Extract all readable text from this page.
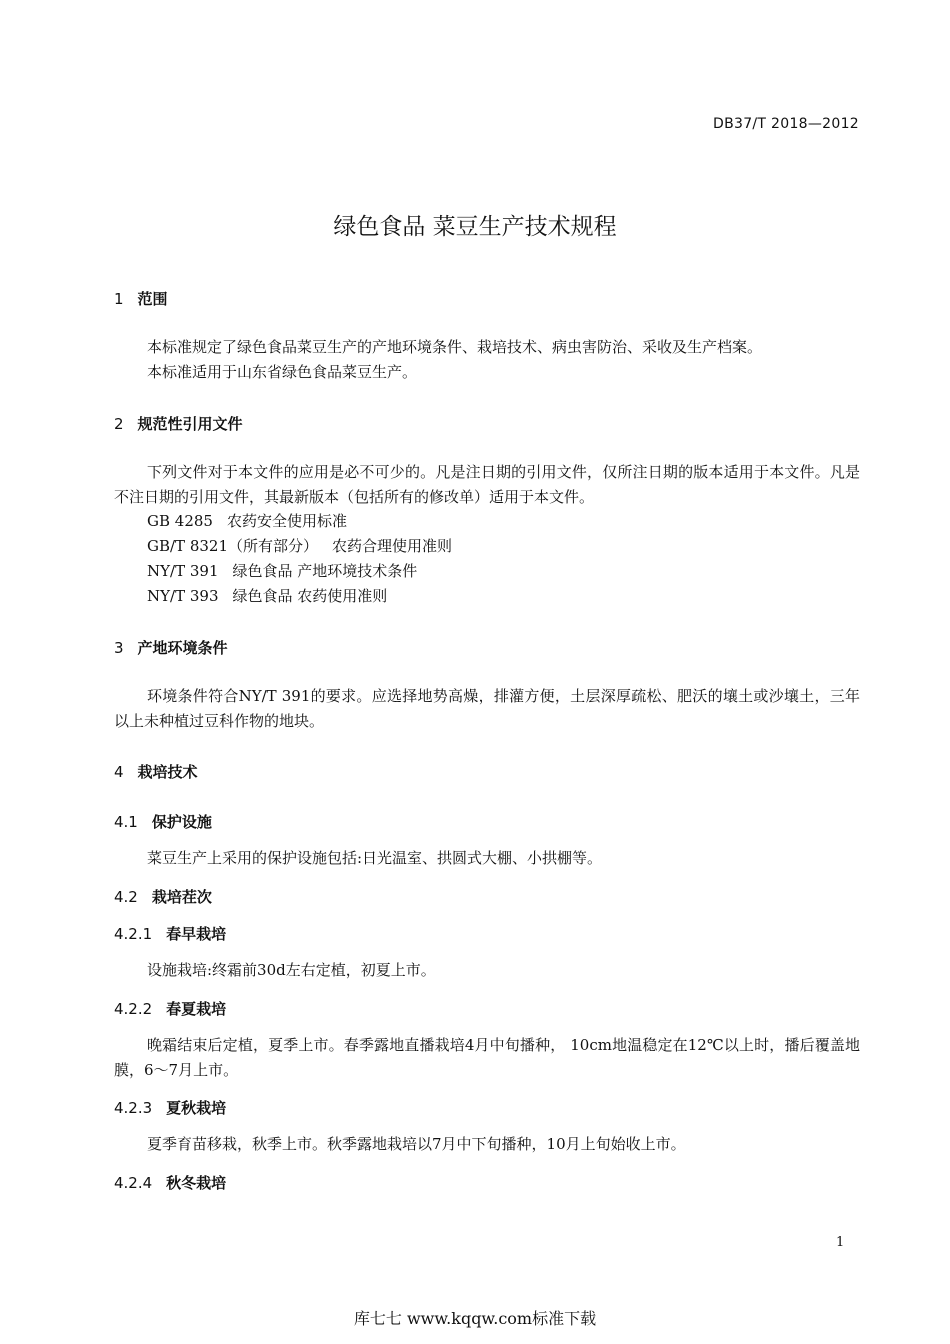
DB37/T 2018—2012
绿色食品 菜豆生产技术规程
1 范围
本标准规定了绿色食品菜豆生产的产地环境条件、栽培技术、病虫害防治、采收及生产档案。
本标准适用于山东省绿色食品菜豆生产。
2 规范性引用文件
下列文件对于本文件的应用是必不可少的。凡是注日期的引用文件，仅所注日期的版本适用于本文件。凡是不注日期的引用文件，其最新版本（包括所有的修改单）适用于本文件。
GB 4285 农药安全使用标准
GB/T 8321（所有部分） 农药合理使用准则
NY/T 391 绿色食品 产地环境技术条件
NY/T 393 绿色食品 农药使用准则
3 产地环境条件
环境条件符合NY/T 391的要求。应选择地势高燥，排灌方便，土层深厚疏松、肥沃的壤土或沙壤土，三年以上未种植过豆科作物的地块。
4 栽培技术
4.1 保护设施
菜豆生产上采用的保护设施包括:日光温室、拱圆式大棚、小拱棚等。
4.2 栽培茬次
4.2.1 春早栽培
设施栽培:终霜前30d左右定植，初夏上市。
4.2.2 春夏栽培
晚霜结束后定植，夏季上市。春季露地直播栽培4月中旬播种， 10cm地温稳定在12℃以上时，播后覆盖地膜，6～7月上市。
4.2.3 夏秋栽培
夏季育苗移栽，秋季上市。秋季露地栽培以7月中下旬播种，10月上旬始收上市。
4.2.4 秋冬栽培
1
库七七 www.kqqw.com标准下载
